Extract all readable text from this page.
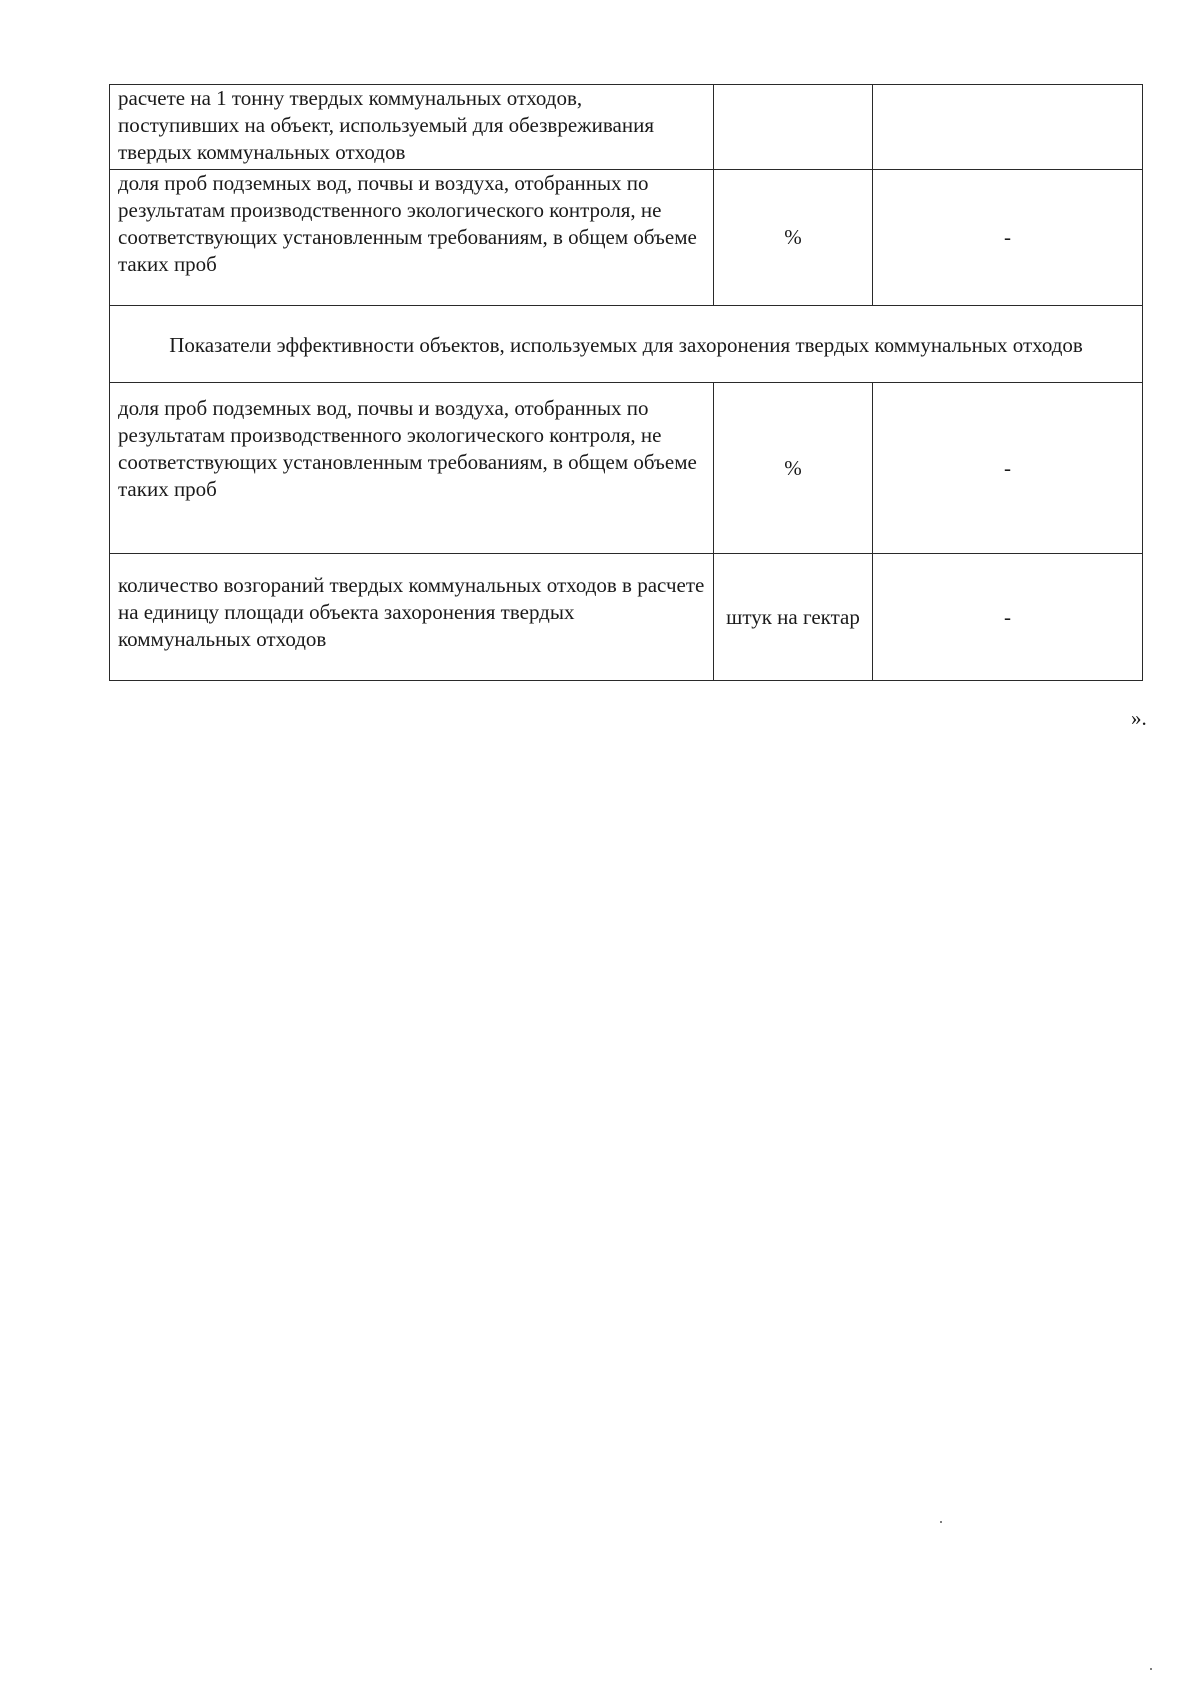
расчете на 1 тонну твердых коммунальных отходов, поступивших на объект, используемый для обезвреживания твердых коммунальных отходов		

доля проб подземных вод, почвы и воздуха, отобранных по результатам производственного экологического контроля, не соответствующих установленным требованиям, в общем объеме таких проб	%	-
Показатели эффективности объектов, используемых для захоронения твердых коммунальных отходов		

доля проб подземных вод, почвы и воздуха, отобранных по результатам производственного экологического контроля, не соответствующих установленным требованиям, в общем объеме таких проб	%	-

количество возгораний твердых коммунальных отходов в расчете на единицу площади объекта захоронения твердых коммунальных отходов	штук на гектар	-
».
